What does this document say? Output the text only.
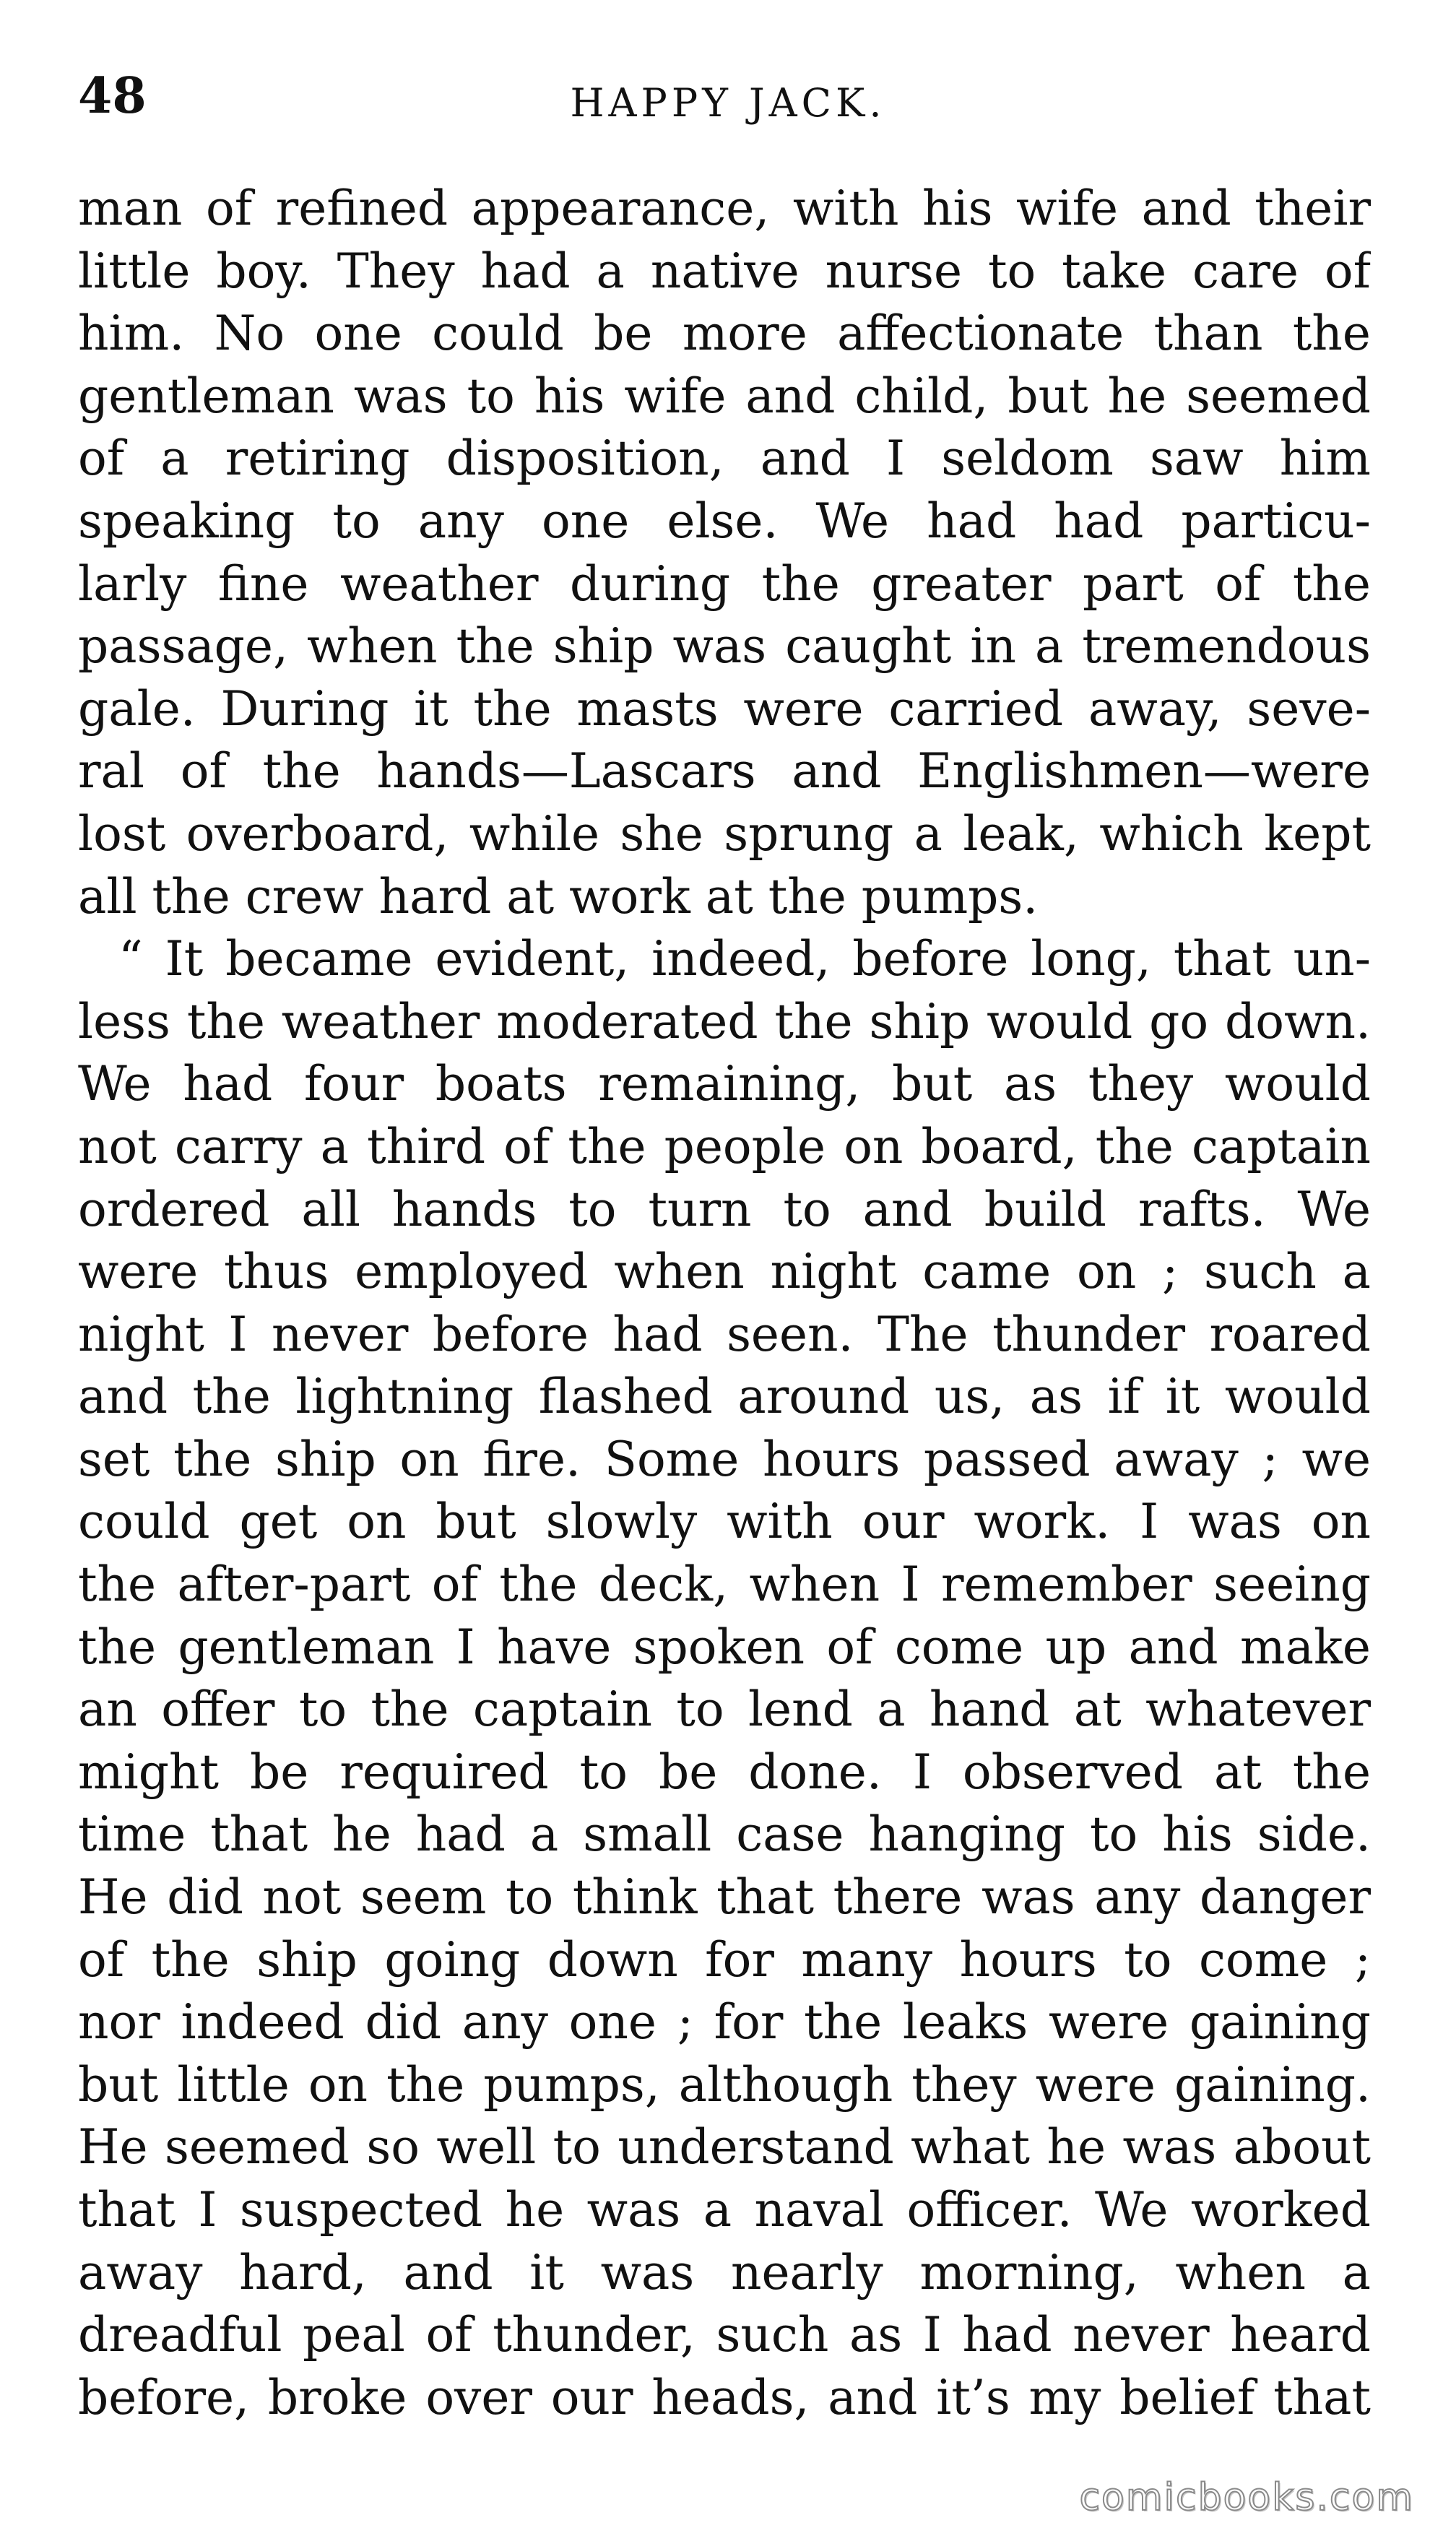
48	HAPPY JACK.
man of refined appearance, with his wife and their
little boy. They had a native nurse to take care of
him. No one could be more affectionate than the
gentleman was to his wife and child, but he seemed
of a retiring disposition, and I seldom saw him
speaking to any one else. We had had particu-
larly fine weather during the greater part of the
passage, when the ship was caught in a tremendous
gale. During it the masts were carried away, seve-
ral of the hands—Lascars and Englishmen—were
lost overboard, while she sprung a leak, which kept
all the crew hard at work at the pumps.
“ It became evident, indeed, before long, that un-
less the weather moderated the ship would go down.
We had four boats remaining, but as they would
not carry a third of the people on board, the captain
ordered all hands to turn to and build rafts. We
were thus employed when night came on ; such a
night I never before had seen. The thunder roared
and the lightning flashed around us, as if it would
set the ship on fire. Some hours passed away ; we
could get on but slowly with our work. I was on
the after-part of the deck, when I remember seeing
the gentleman I have spoken of come up and make
an offer to the captain to lend a hand at whatever
might be required to be done. I observed at the
time that he had a small case hanging to his side.
He did not seem to think that there was any danger
of the ship going down for many hours to come ;
nor indeed did any one ; for the leaks were gaining
but little on the pumps, although they were gaining.
He seemed so well to understand what he was about
that I suspected he was a naval officer. We worked
away hard, and it was nearly morning, when a
dreadful peal of thunder, such as I had never heard
before, broke over our heads, and it’s my belief that
comicbooks.com
